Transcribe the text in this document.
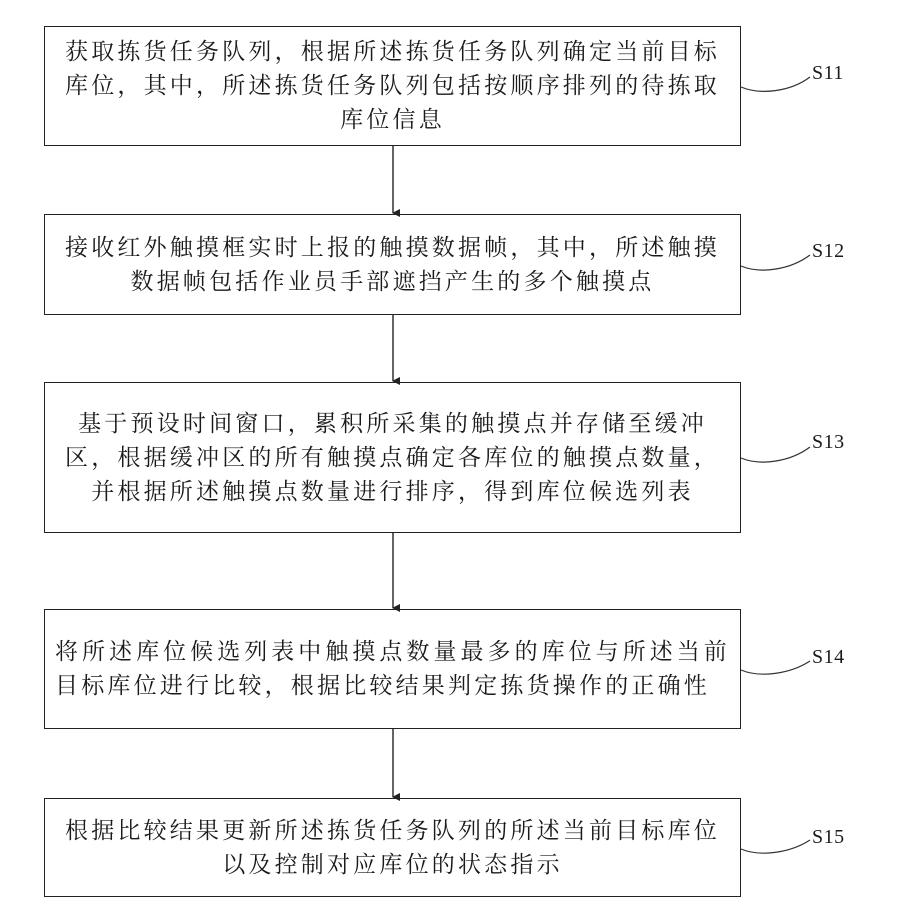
获取拣货任务队列，根据所述拣货任务队列确定当前目标库位，其中，所述拣货任务队列包括按顺序排列的待拣取库位信息
接收红外触摸框实时上报的触摸数据帧，其中，所述触摸数据帧包括作业员手部遮挡产生的多个触摸点
基于预设时间窗口，累积所采集的触摸点并存储至缓冲区，根据缓冲区的所有触摸点确定各库位的触摸点数量，并根据所述触摸点数量进行排序，得到库位候选列表
将所述库位候选列表中触摸点数量最多的库位与所述当前目标库位进行比较，根据比较结果判定拣货操作的正确性
根据比较结果更新所述拣货任务队列的所述当前目标库位以及控制对应库位的状态指示
S11
S12
S13
S14
S15
